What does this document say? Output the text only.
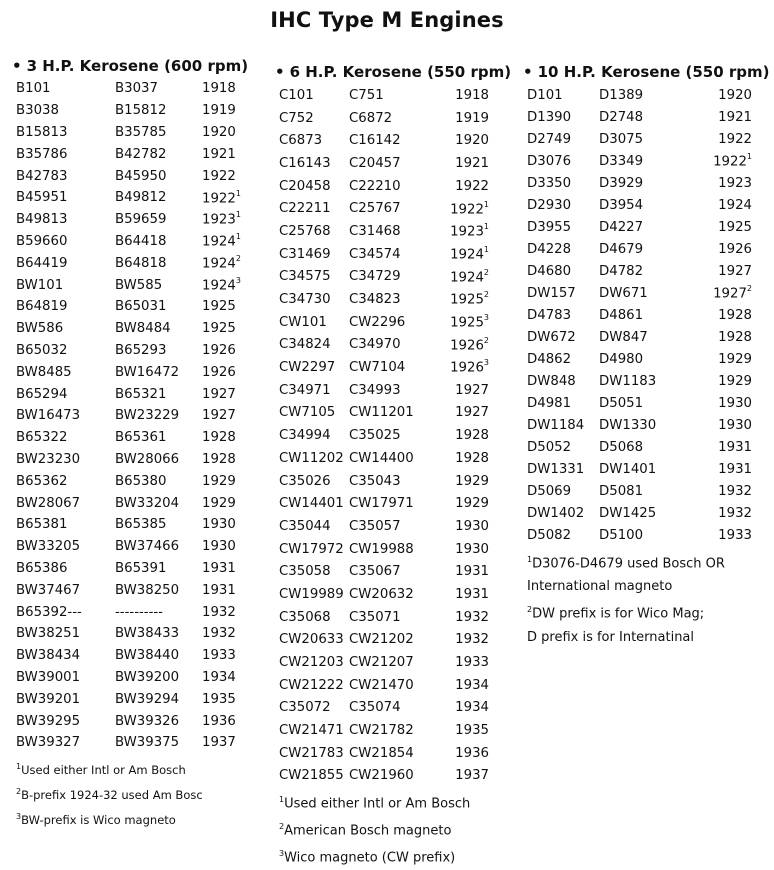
IHC Type M Engines
• 3 H.P. Kerosene (600 rpm)
B101	B3037	1918
B3038	B15812	1919
B15813	B35785	1920
B35786	B42782	1921
B42783	B45950	1922
B45951	B49812	1922$^1$
B49813	B59659	1923$^1$
B59660	B64418	1924$^1$
B64419	B64818	1924$^2$
BW101	BW585	1924$^3$
B64819	B65031	1925
BW586	BW8484	1925
B65032	B65293	1926
BW8485	BW16472	1926
B65294	B65321	1927
BW16473	BW23229	1927
B65322	B65361	1928
BW23230	BW28066	1928
B65362	B65380	1929
BW28067	BW33204	1929
B65381	B65385	1930
BW33205	BW37466	1930
B65386	B65391	1931
BW37467	BW38250	1931
B65392---	----------	1932
BW38251	BW38433	1932
BW38434	BW38440	1933
BW39001	BW39200	1934
BW39201	BW39294	1935
BW39295	BW39326	1936
BW39327	BW39375	1937
$^1$Used either Intl or Am Bosch
$^2$B-prefix 1924-32 used Am Bosc
$^3$BW-prefix is Wico magneto
• 6 H.P. Kerosene (550 rpm)
C101	C751	1918
C752	C6872	1919
C6873	C16142	1920
C16143	C20457	1921
C20458	C22210	1922
C22211	C25767	1922$^1$
C25768	C31468	1923$^1$
C31469	C34574	1924$^1$
C34575	C34729	1924$^2$
C34730	C34823	1925$^2$
CW101	CW2296	1925$^3$
C34824	C34970	1926$^2$
CW2297	CW7104	1926$^3$
C34971	C34993	1927
CW7105	CW11201	1927
C34994	C35025	1928
CW11202	CW14400	1928
C35026	C35043	1929
CW14401	CW17971	1929
C35044	C35057	1930
CW17972	CW19988	1930
C35058	C35067	1931
CW19989	CW20632	1931
C35068	C35071	1932
CW20633	CW21202	1932
CW21203	CW21207	1933
CW21222	CW21470	1934
C35072	C35074	1934
CW21471	CW21782	1935
CW21783	CW21854	1936
CW21855	CW21960	1937
$^1$Used either Intl or Am Bosch
$^2$American Bosch magneto
$^3$Wico magneto (CW prefix)
• 10 H.P. Kerosene (550 rpm)
D101	D1389	1920
D1390	D2748	1921
D2749	D3075	1922
D3076	D3349	1922$^1$
D3350	D3929	1923
D2930	D3954	1924
D3955	D4227	1925
D4228	D4679	1926
D4680	D4782	1927
DW157	DW671	1927$^2$
D4783	D4861	1928
DW672	DW847	1928
D4862	D4980	1929
DW848	DW1183	1929
D4981	D5051	1930
DW1184	DW1330	1930
D5052	D5068	1931
DW1331	DW1401	1931
D5069	D5081	1932
DW1402	DW1425	1932
D5082	D5100	1933
$^1$D3076-D4679 used Bosch OR
International magneto
$^2$DW prefix is for Wico Mag;
D prefix is for Internatinal
